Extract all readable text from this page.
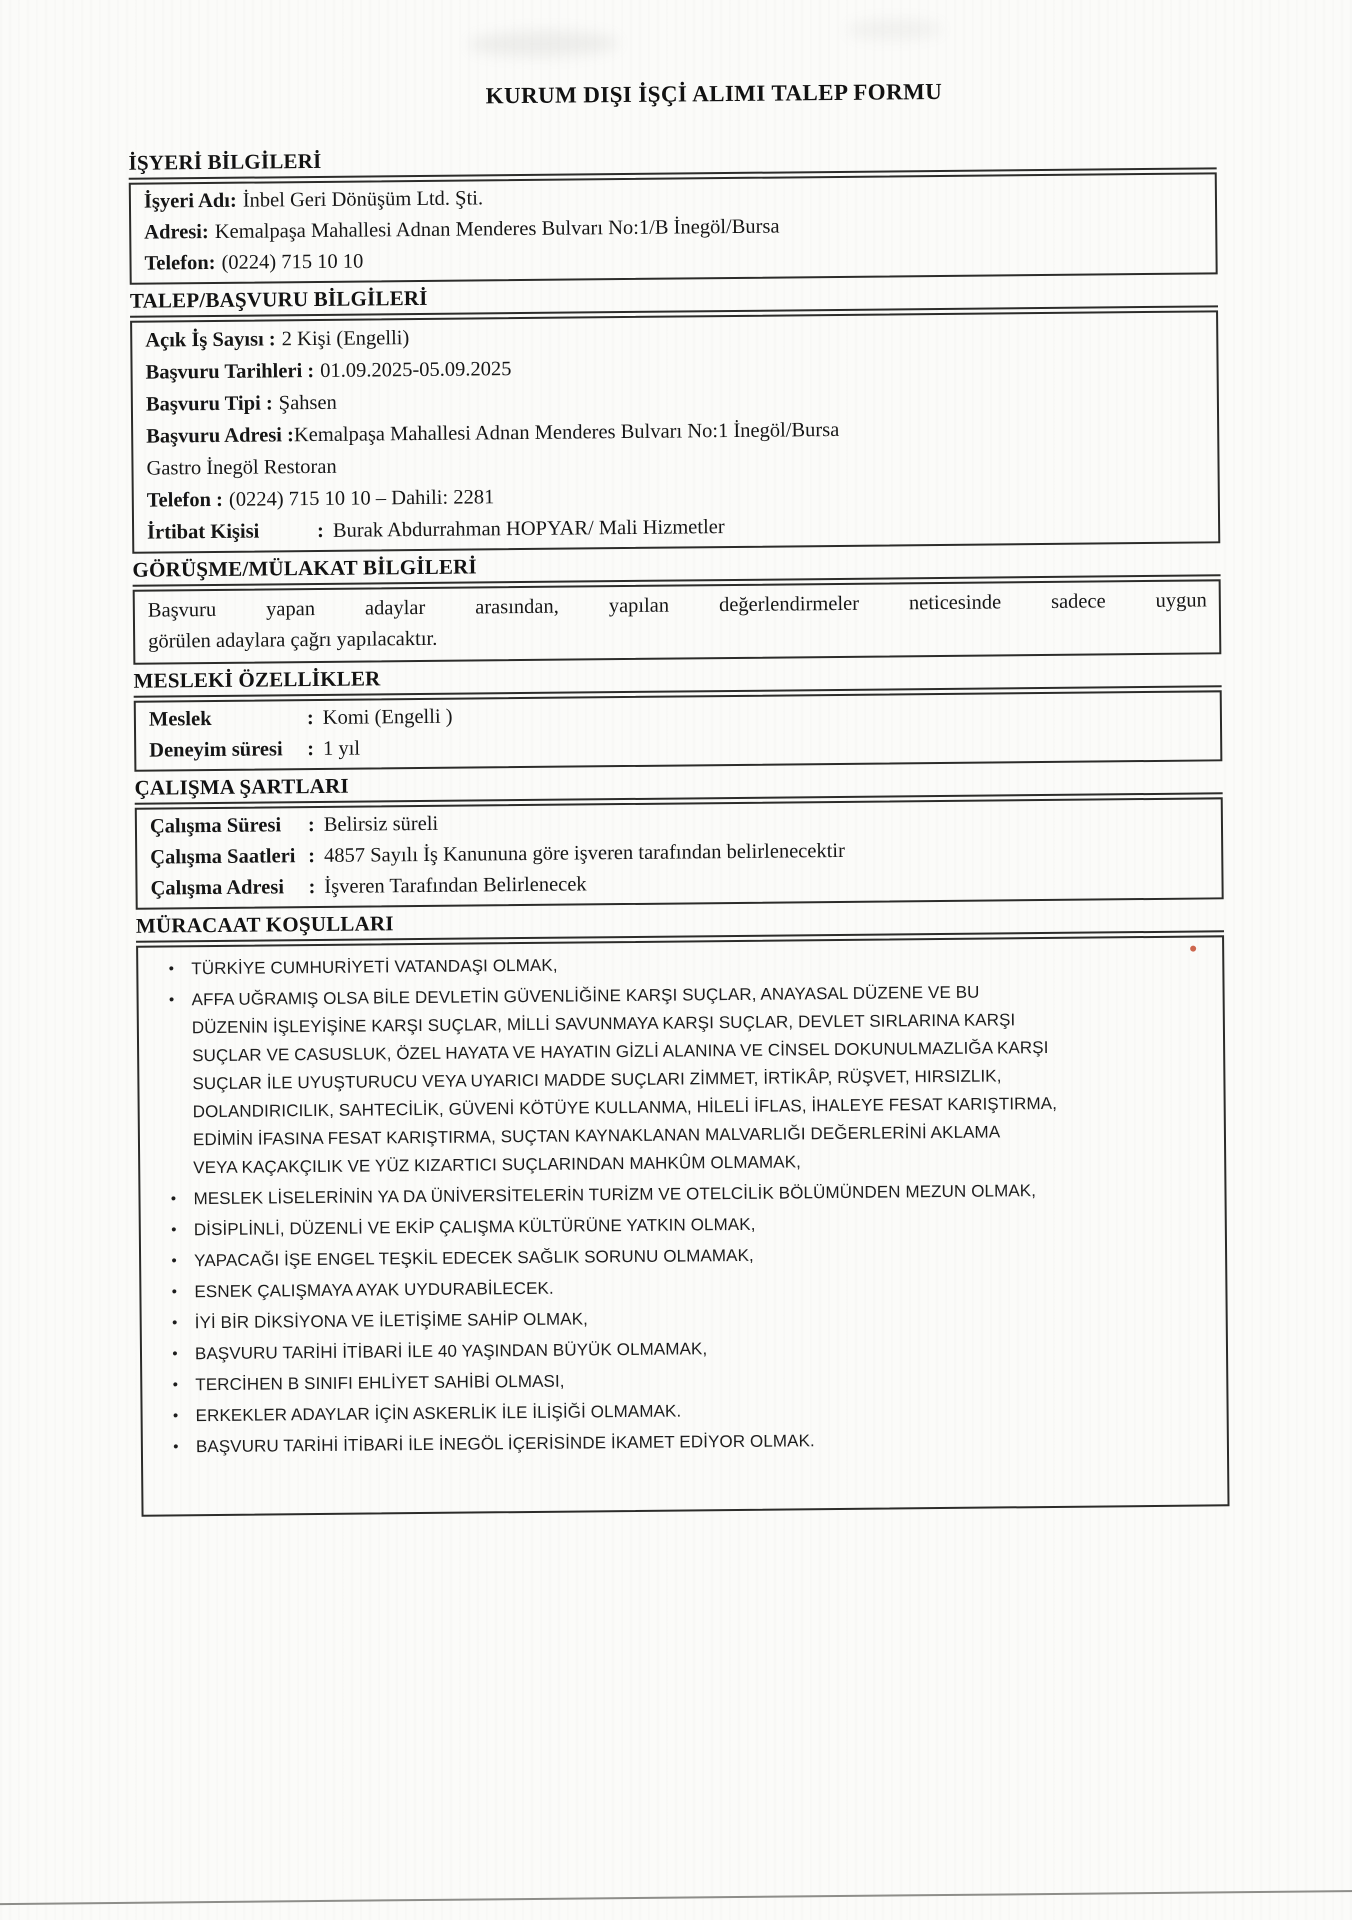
KURUM DIŞI İŞÇİ ALIMI TALEP FORMU
İŞYERİ BİLGİLERİ
İşyeri Adı: İnbel Geri Dönüşüm Ltd. Şti.
Adresi: Kemalpaşa Mahallesi Adnan Menderes Bulvarı No:1/B İnegöl/Bursa
Telefon: (0224) 715 10 10
TALEP/BAŞVURU BİLGİLERİ
Açık İş Sayısı : 2 Kişi (Engelli)
Başvuru Tarihleri : 01.09.2025-05.09.2025
Başvuru Tipi : Şahsen
Başvuru Adresi :Kemalpaşa Mahallesi Adnan Menderes Bulvarı No:1 İnegöl/Bursa
Gastro İnegöl Restoran
Telefon : (0224) 715 10 10 – Dahili: 2281
İrtibat Kişisi	: Burak Abdurrahman HOPYAR/ Mali Hizmetler
GÖRÜŞME/MÜLAKAT BİLGİLERİ
Başvuru yapan adaylar arasından, yapılan değerlendirmeler neticesinde sadece uygun
görülen adaylara çağrı yapılacaktır.
MESLEKİ ÖZELLİKLER
Meslek	: Komi (Engelli )
Deneyim süresi : 1 yıl
ÇALIŞMA ŞARTLARI
Çalışma Süresi : Belirsiz süreli
Çalışma Saatleri : 4857 Sayılı İş Kanununa göre işveren tarafından belirlenecektir
Çalışma Adresi : İşveren Tarafından Belirlenecek
MÜRACAAT KOŞULLARI
•	TÜRKİYE CUMHURİYETİ VATANDAŞI OLMAK,
•	AFFA UĞRAMIŞ OLSA BİLE DEVLETİN GÜVENLİĞİNE KARŞI SUÇLAR, ANAYASAL DÜZENE VE BU
DÜZENİN İŞLEYİŞİNE KARŞI SUÇLAR, MİLLİ SAVUNMAYA KARŞI SUÇLAR, DEVLET SIRLARINA KARŞI
SUÇLAR VE CASUSLUK, ÖZEL HAYATA VE HAYATIN GİZLİ ALANINA VE CİNSEL DOKUNULMAZLIĞA KARŞI
SUÇLAR İLE UYUŞTURUCU VEYA UYARICI MADDE SUÇLARI ZİMMET, İRTİKÂP, RÜŞVET, HIRSIZLIK,
DOLANDIRICILIK, SAHTECİLİK, GÜVENİ KÖTÜYE KULLANMA, HİLELİ İFLAS, İHALEYE FESAT KARIŞTIRMA,
EDİMİN İFASINA FESAT KARIŞTIRMA, SUÇTAN KAYNAKLANAN MALVARLIĞI DEĞERLERİNİ AKLAMA
VEYA KAÇAKÇILIK VE YÜZ KIZARTICI SUÇLARINDAN MAHKÛM OLMAMAK,
•	MESLEK LİSELERİNİN YA DA ÜNİVERSİTELERİN TURİZM VE OTELCİLİK BÖLÜMÜNDEN MEZUN OLMAK,
•	DİSİPLİNLİ, DÜZENLİ VE EKİP ÇALIŞMA KÜLTÜRÜNE YATKIN OLMAK,
•	YAPACAĞI İŞE ENGEL TEŞKİL EDECEK SAĞLIK SORUNU OLMAMAK,
•	ESNEK ÇALIŞMAYA AYAK UYDURABİLECEK.
•	İYİ BİR DİKSİYONA VE İLETİŞİME SAHİP OLMAK,
•	BAŞVURU TARİHİ İTİBARİ İLE 40 YAŞINDAN BÜYÜK OLMAMAK,
•	TERCİHEN B SINIFI EHLİYET SAHİBİ OLMASI,
•	ERKEKLER ADAYLAR İÇİN ASKERLİK İLE İLİŞİĞİ OLMAMAK.
•	BAŞVURU TARİHİ İTİBARİ İLE İNEGÖL İÇERİSİNDE İKAMET EDİYOR OLMAK.
